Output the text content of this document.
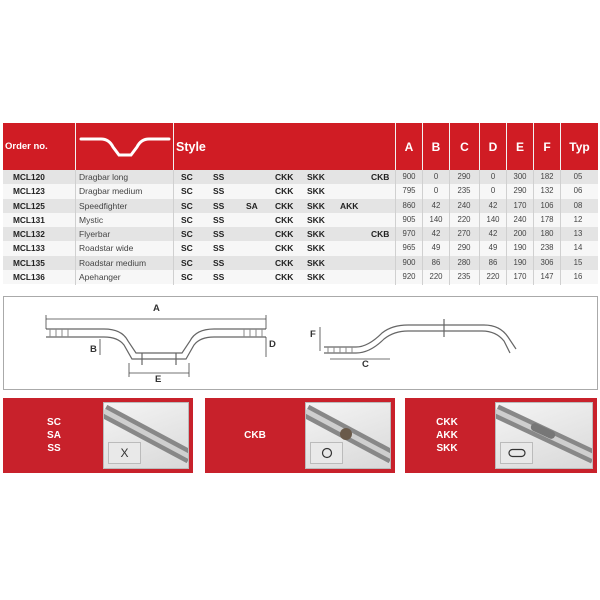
Order no.	Style	A	B	C	D	E	F	Typ
MCL120	Dragbar long	SC SS	CKK SKK	CKB	900	0	290	0	300	182	05
MCL123	Dragbar medium	SC SS	CKK SKK	795	0	235	0	290	132	06
MCL125	Speedfighter	SC SS	SA CKK SKK AKK	860	42	240	42	170	106	08
MCL131	Mystic	SC SS	CKK SKK	905	140	220	140	240	178	12
MCL132	Flyerbar	SC SS	CKK SKK	CKB	970	42	270	42	200	180	13
MCL133	Roadstar wide	SC SS	CKK SKK	965	49	290	49	190	238	14
MCL135	Roadstar medium	SC SS	CKK SKK	900	86	280	86	190	306	15
MCL136	Apehanger	SC SS	CKK SKK	920	220	235	220	170	147	16
A
B	D
E
F
C
SC
SA
SS	X
CKB
CKK
AKK
SKK
